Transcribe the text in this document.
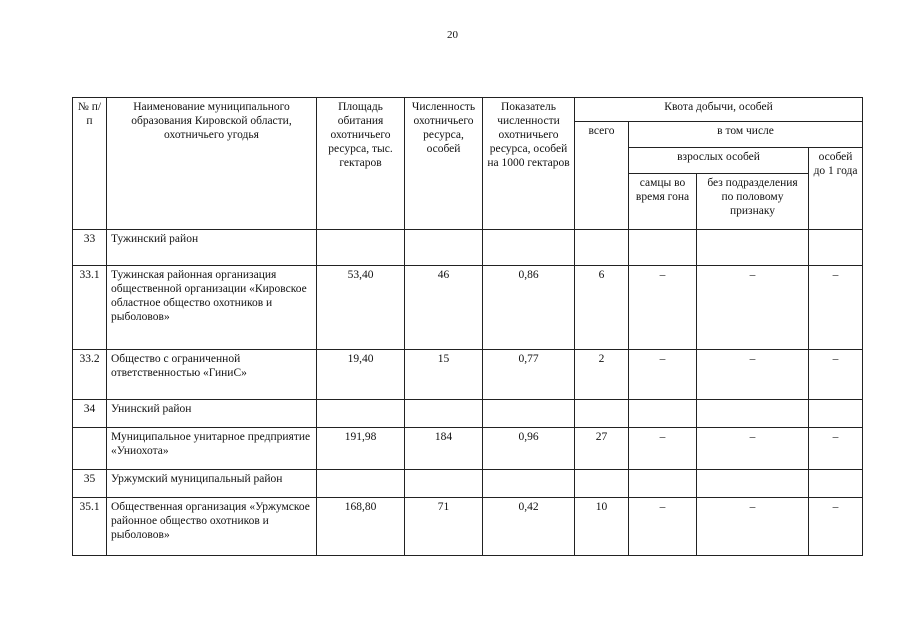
20
№ п/п	Наименование муниципального образования Кировской области, охотничьего угодья	Площадь обитания охотничьего ресурса, тыс. гектаров	Численность охотничьего ресурса, особей	Показатель численности охотничьего ресурса, особей на 1000 гектаров	Квота добычи, особей			
					всего	в том числе		
						взрослых особей		особей до 1 года
						самцы во время гона	без подразделения по половому признаку	
33	Тужинский район							
33.1	Тужинская районная организация общественной организации «Кировское областное общество охотников и рыболовов»	53,40	46	0,86	6	–	–	–
33.2	Общество с ограниченной ответственностью «ГиниС»	19,40	15	0,77	2	–	–	–
34	Унинский район							
	Муниципальное унитарное предприятие «Униохота»	191,98	184	0,96	27	–	–	–
35	Уржумский муниципальный район							
35.1	Общественная организация «Уржумское районное общество охотников и рыболовов»	168,80	71	0,42	10	–	–	–
